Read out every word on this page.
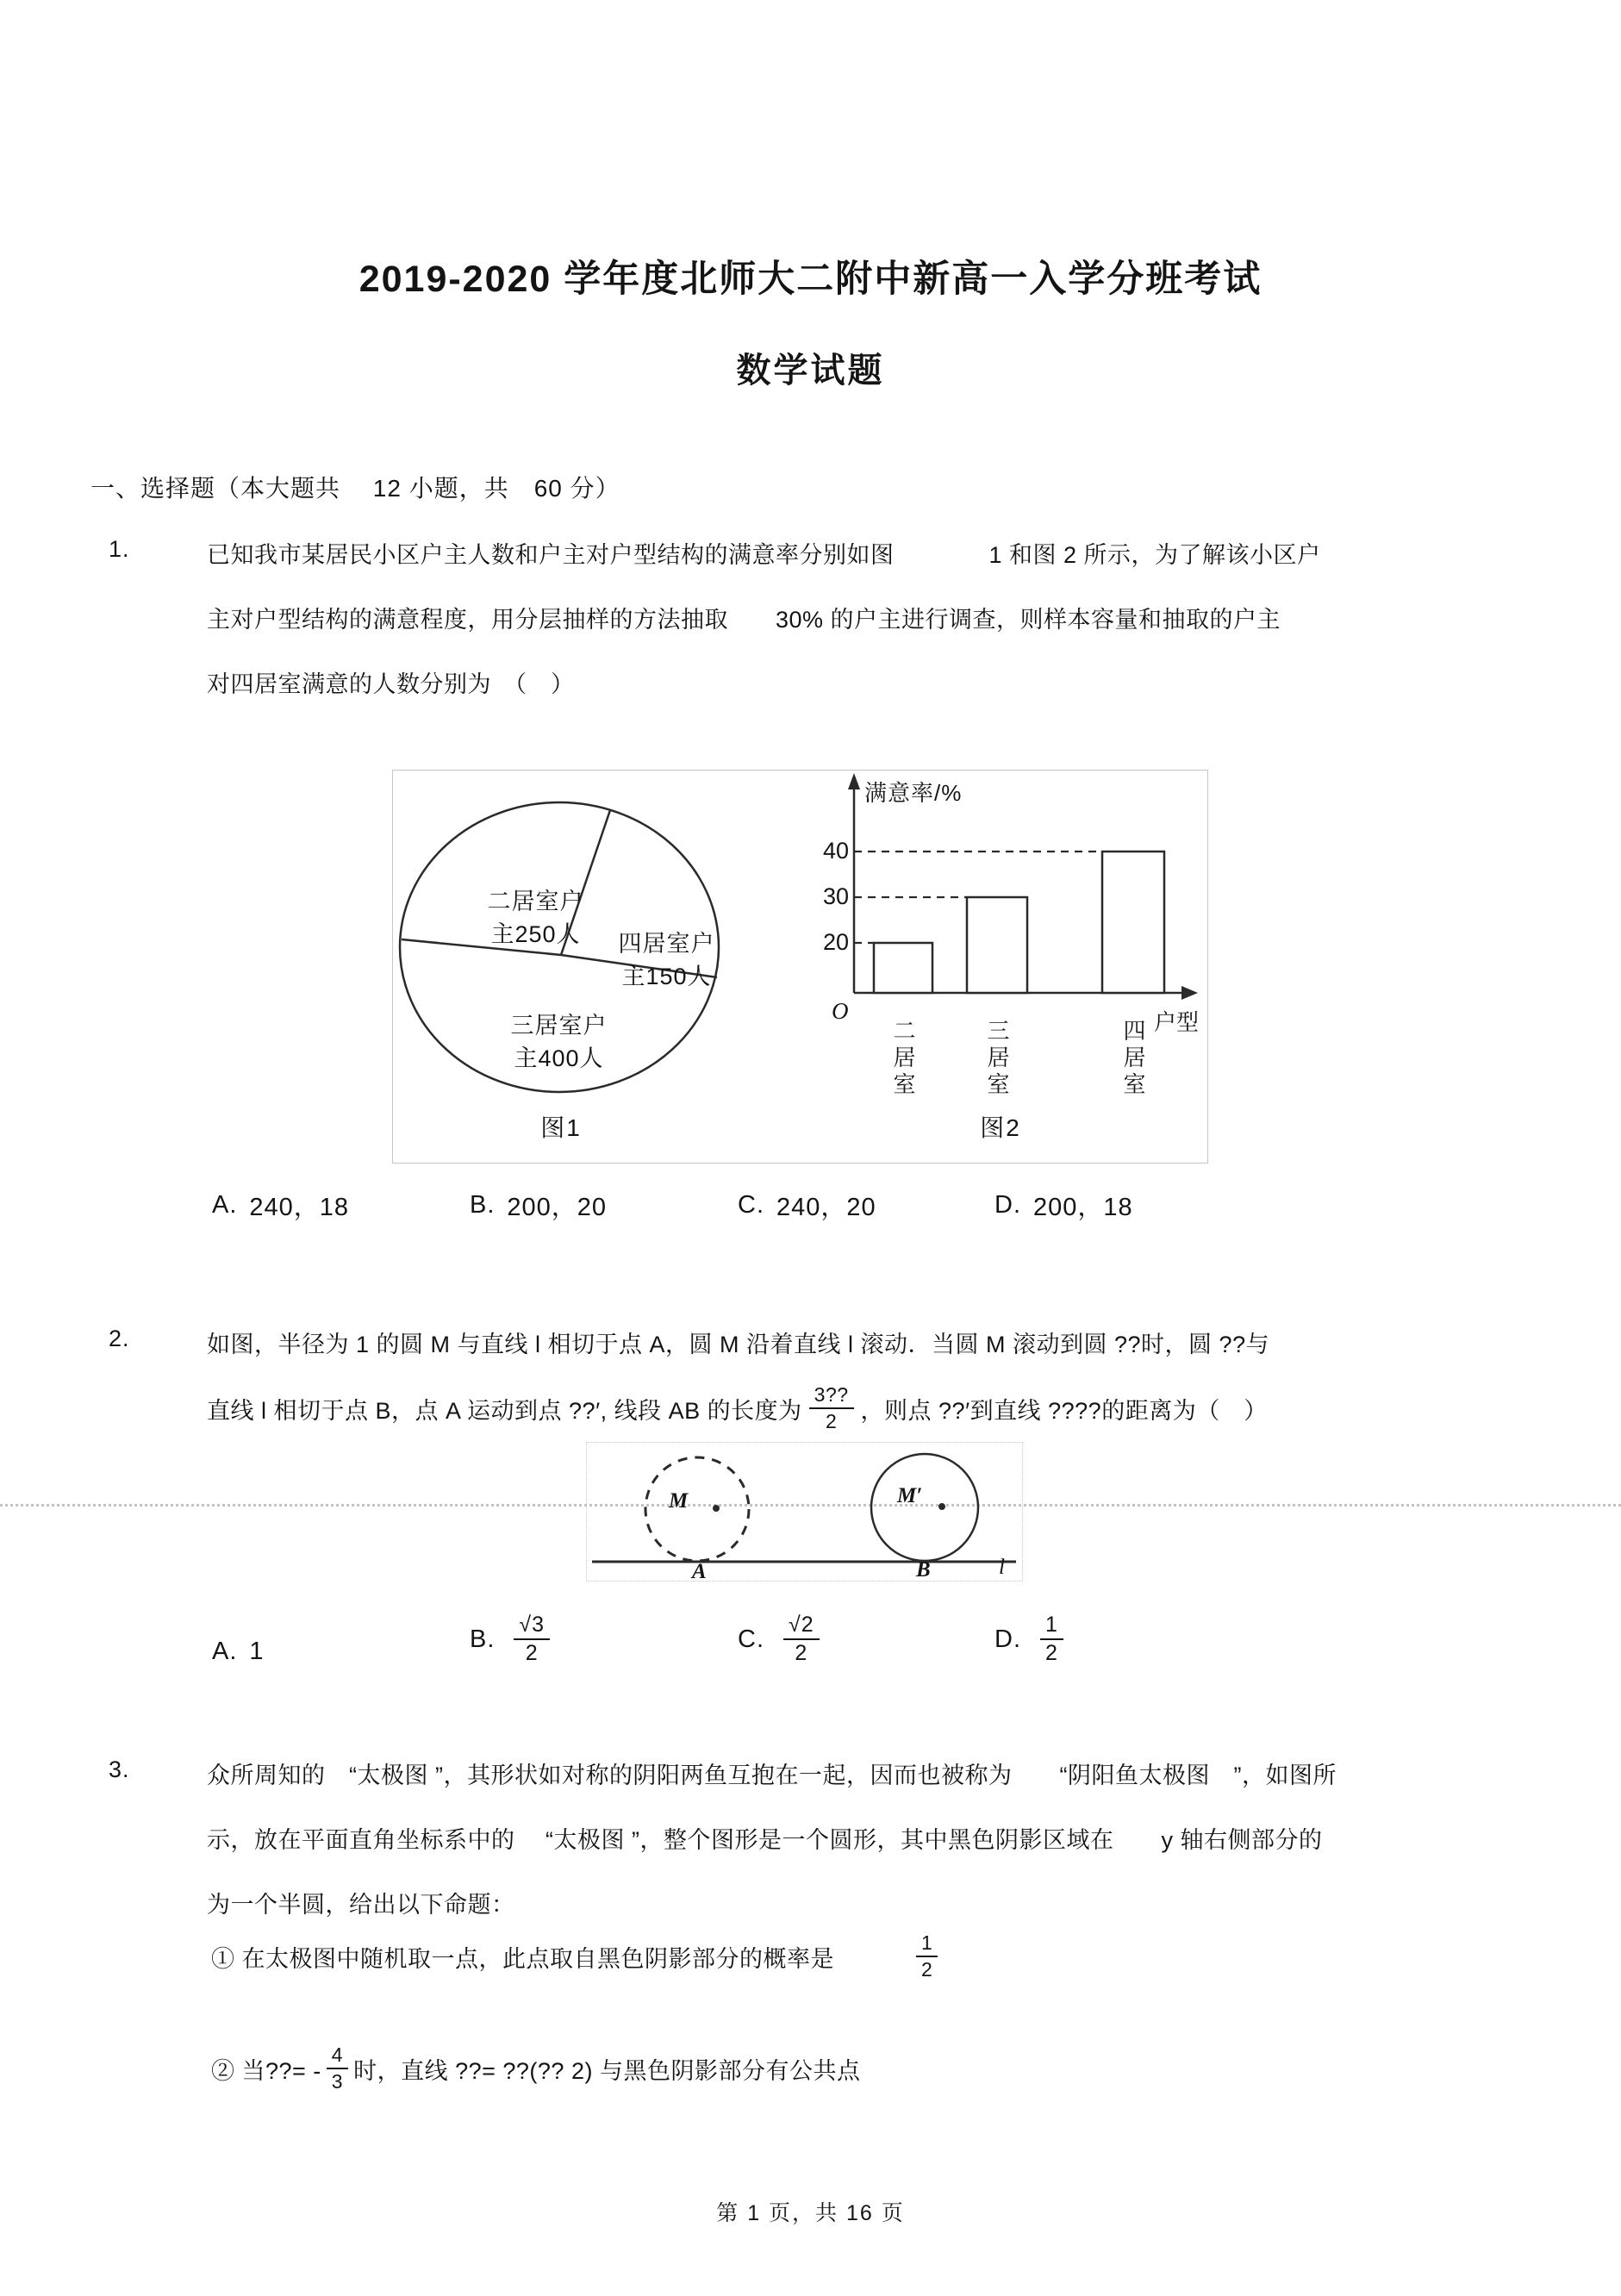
2019-2020 学年度北师大二附中新高一入学分班考试
数学试题
一、选择题（本大题共　 12 小题，共　60 分）
1.	已知我市某居民小区户主人数和户主对户型结构的满意率分别如图　　　　1 和图 2 所示，为了解该小区户
主对户型结构的满意程度，用分层抽样的方法抽取　　30% 的户主进行调查，则样本容量和抽取的户主
对四居室满意的人数分别为　（　）
二居室户
主250人	四居室户
主150人
三居室户
主400人
图1
满意率/%
40
30
20
O	户型
二居室	三居室	四居室
图2
A. 240，18	B. 200，20	C. 240，20	D. 200，18
2.	如图，半径为 1 的圆 M 与直线 l 相切于点 A，圆 M 沿着直线 l 滚动．当圆 M 滚动到圆 ??时，圆 ??与
直线 l 相切于点 B，点 A 运动到点 ??′, 线段 AB 的长度为 $\frac{3??}{2}$ ，则点 ??′到直线 ????的距离为（　）
M	M′
A	B	l
A. 1	B. $\frac{√3}{2}$	C. $\frac{√2}{2}$	D. $\frac{1}{2}$
3.	众所周知的　“太极图 ”，其形状如对称的阴阳两鱼互抱在一起，因而也被称为　　“阴阳鱼太极图　”，如图所
示，放在平面直角坐标系中的　 “太极图 ”，整个图形是一个圆形，其中黑色阴影区域在　　y 轴右侧部分的
为一个半圆，给出以下命题：
① 在太极图中随机取一点，此点取自黑色阴影部分的概率是	$\frac{1}{2}$
② 当??= - $\frac{4}{3}$ 时，直线 ??= ??(?? 2) 与黑色阴影部分有公共点
第 1 页，共 16 页
